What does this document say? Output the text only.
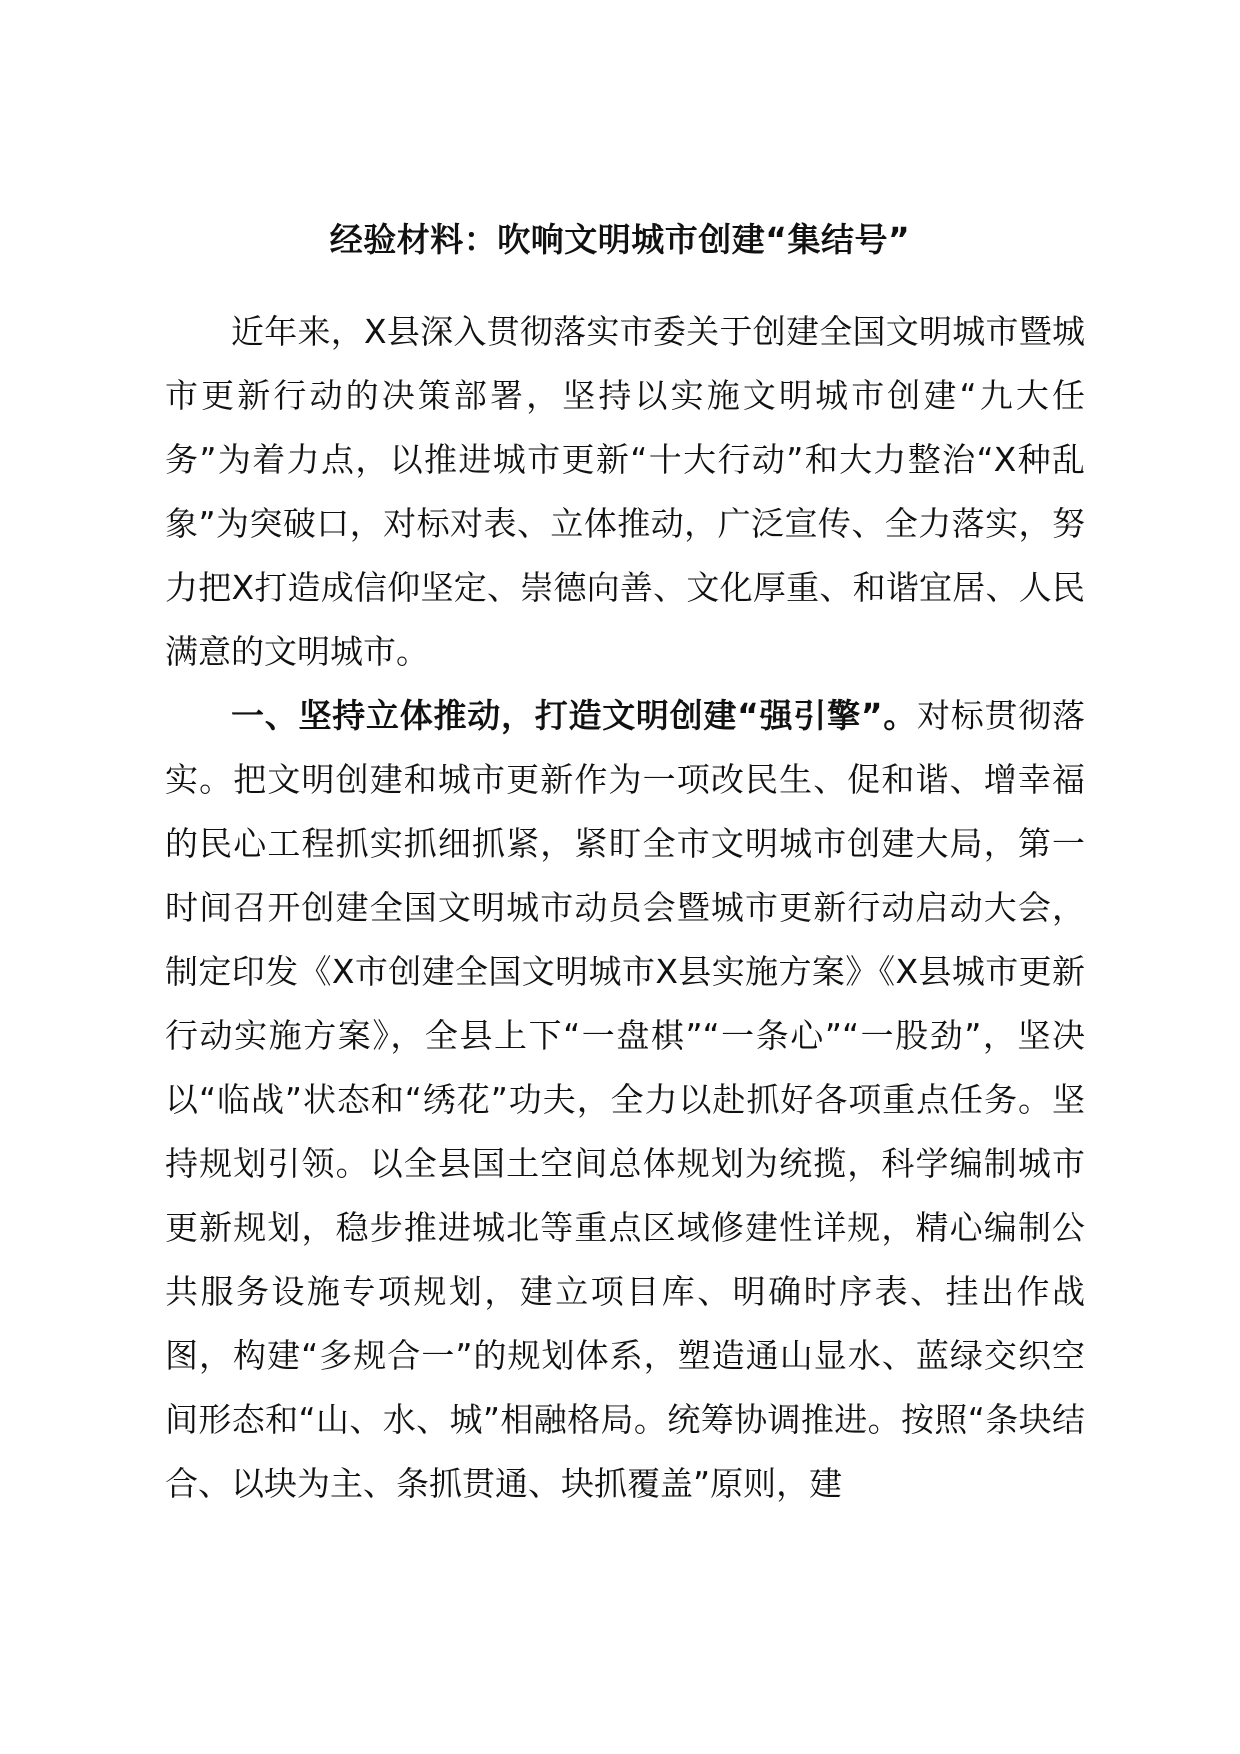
经验材料：吹响文明城市创建“集结号”

近年来，X县深入贯彻落实市委关于创建全国文明城市暨城市更新行动的决策部署，坚持以实施文明城市创建“九大任务”为着力点，以推进城市更新“十大行动”和大力整治“X种乱象”为突破口，对标对表、立体推动，广泛宣传、全力落实，努力把X打造成信仰坚定、崇德向善、文化厚重、和谐宜居、人民满意的文明城市。

一、坚持立体推动，打造文明创建“强引擎”。对标贯彻落实。把文明创建和城市更新作为一项改民生、促和谐、增幸福的民心工程抓实抓细抓紧，紧盯全市文明城市创建大局，第一时间召开创建全国文明城市动员会暨城市更新行动启动大会，制定印发《X市创建全国文明城市X县实施方案》《X县城市更新行动实施方案》，全县上下“一盘棋”“一条心”“一股劲”，坚决以“临战”状态和“绣花”功夫，全力以赴抓好各项重点任务。坚持规划引领。以全县国土空间总体规划为统揽，科学编制城市更新规划，稳步推进城北等重点区域修建性详规，精心编制公共服务设施专项规划，建立项目库、明确时序表、挂出作战图，构建“多规合一”的规划体系，塑造通山显水、蓝绿交织空间形态和“山、水、城”相融格局。统筹协调推进。按照“条块结合、以块为主、条抓贯通、块抓覆盖”原则，建
